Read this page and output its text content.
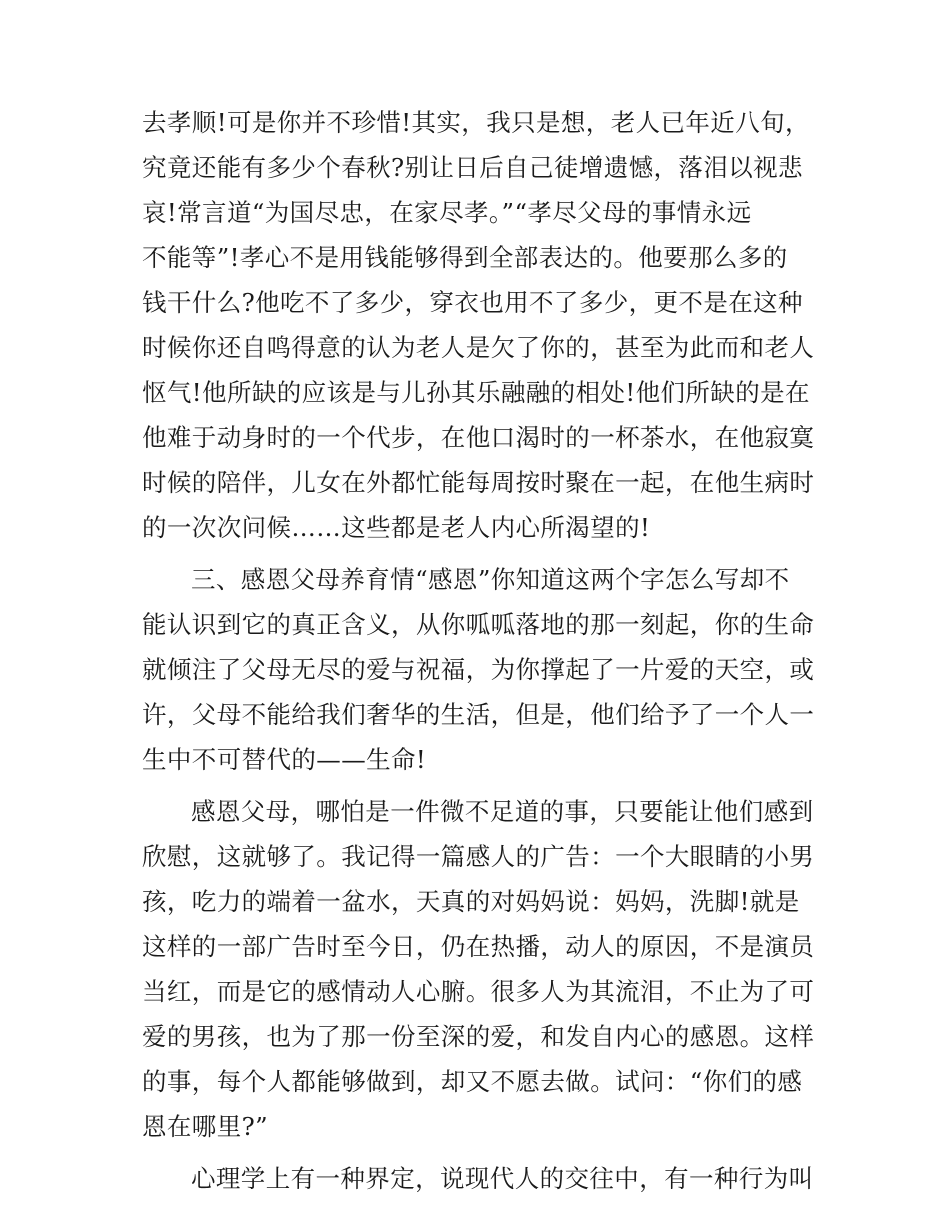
去孝顺!可是你并不珍惜!其实，我只是想，老人已年近八旬，
究竟还能有多少个春秋?别让日后自己徒增遗憾，落泪以视悲
哀!常言道“为国尽忠，在家尽孝。”“孝尽父母的事情永远
不能等”!孝心不是用钱能够得到全部表达的。他要那么多的
钱干什么?他吃不了多少，穿衣也用不了多少，更不是在这种
时候你还自鸣得意的认为老人是欠了你的，甚至为此而和老人
怄气!他所缺的应该是与儿孙其乐融融的相处!他们所缺的是在
他难于动身时的一个代步，在他口渴时的一杯茶水，在他寂寞
时候的陪伴，儿女在外都忙能每周按时聚在一起，在他生病时
的一次次问候……这些都是老人内心所渴望的!

三、感恩父母养育情“感恩”你知道这两个字怎么写却不
能认识到它的真正含义，从你呱呱落地的那一刻起，你的生命
就倾注了父母无尽的爱与祝福，为你撑起了一片爱的天空，或
许，父母不能给我们奢华的生活，但是，他们给予了一个人一
生中不可替代的——生命!

感恩父母，哪怕是一件微不足道的事，只要能让他们感到
欣慰，这就够了。我记得一篇感人的广告：一个大眼睛的小男
孩，吃力的端着一盆水，天真的对妈妈说：妈妈，洗脚!就是
这样的一部广告时至今日，仍在热播，动人的原因，不是演员
当红，而是它的感情动人心腑。很多人为其流泪，不止为了可
爱的男孩，也为了那一份至深的爱，和发自内心的感恩。这样
的事，每个人都能够做到，却又不愿去做。试问：“你们的感
恩在哪里?”

心理学上有一种界定，说现代人的交往中，有一种行为叫
